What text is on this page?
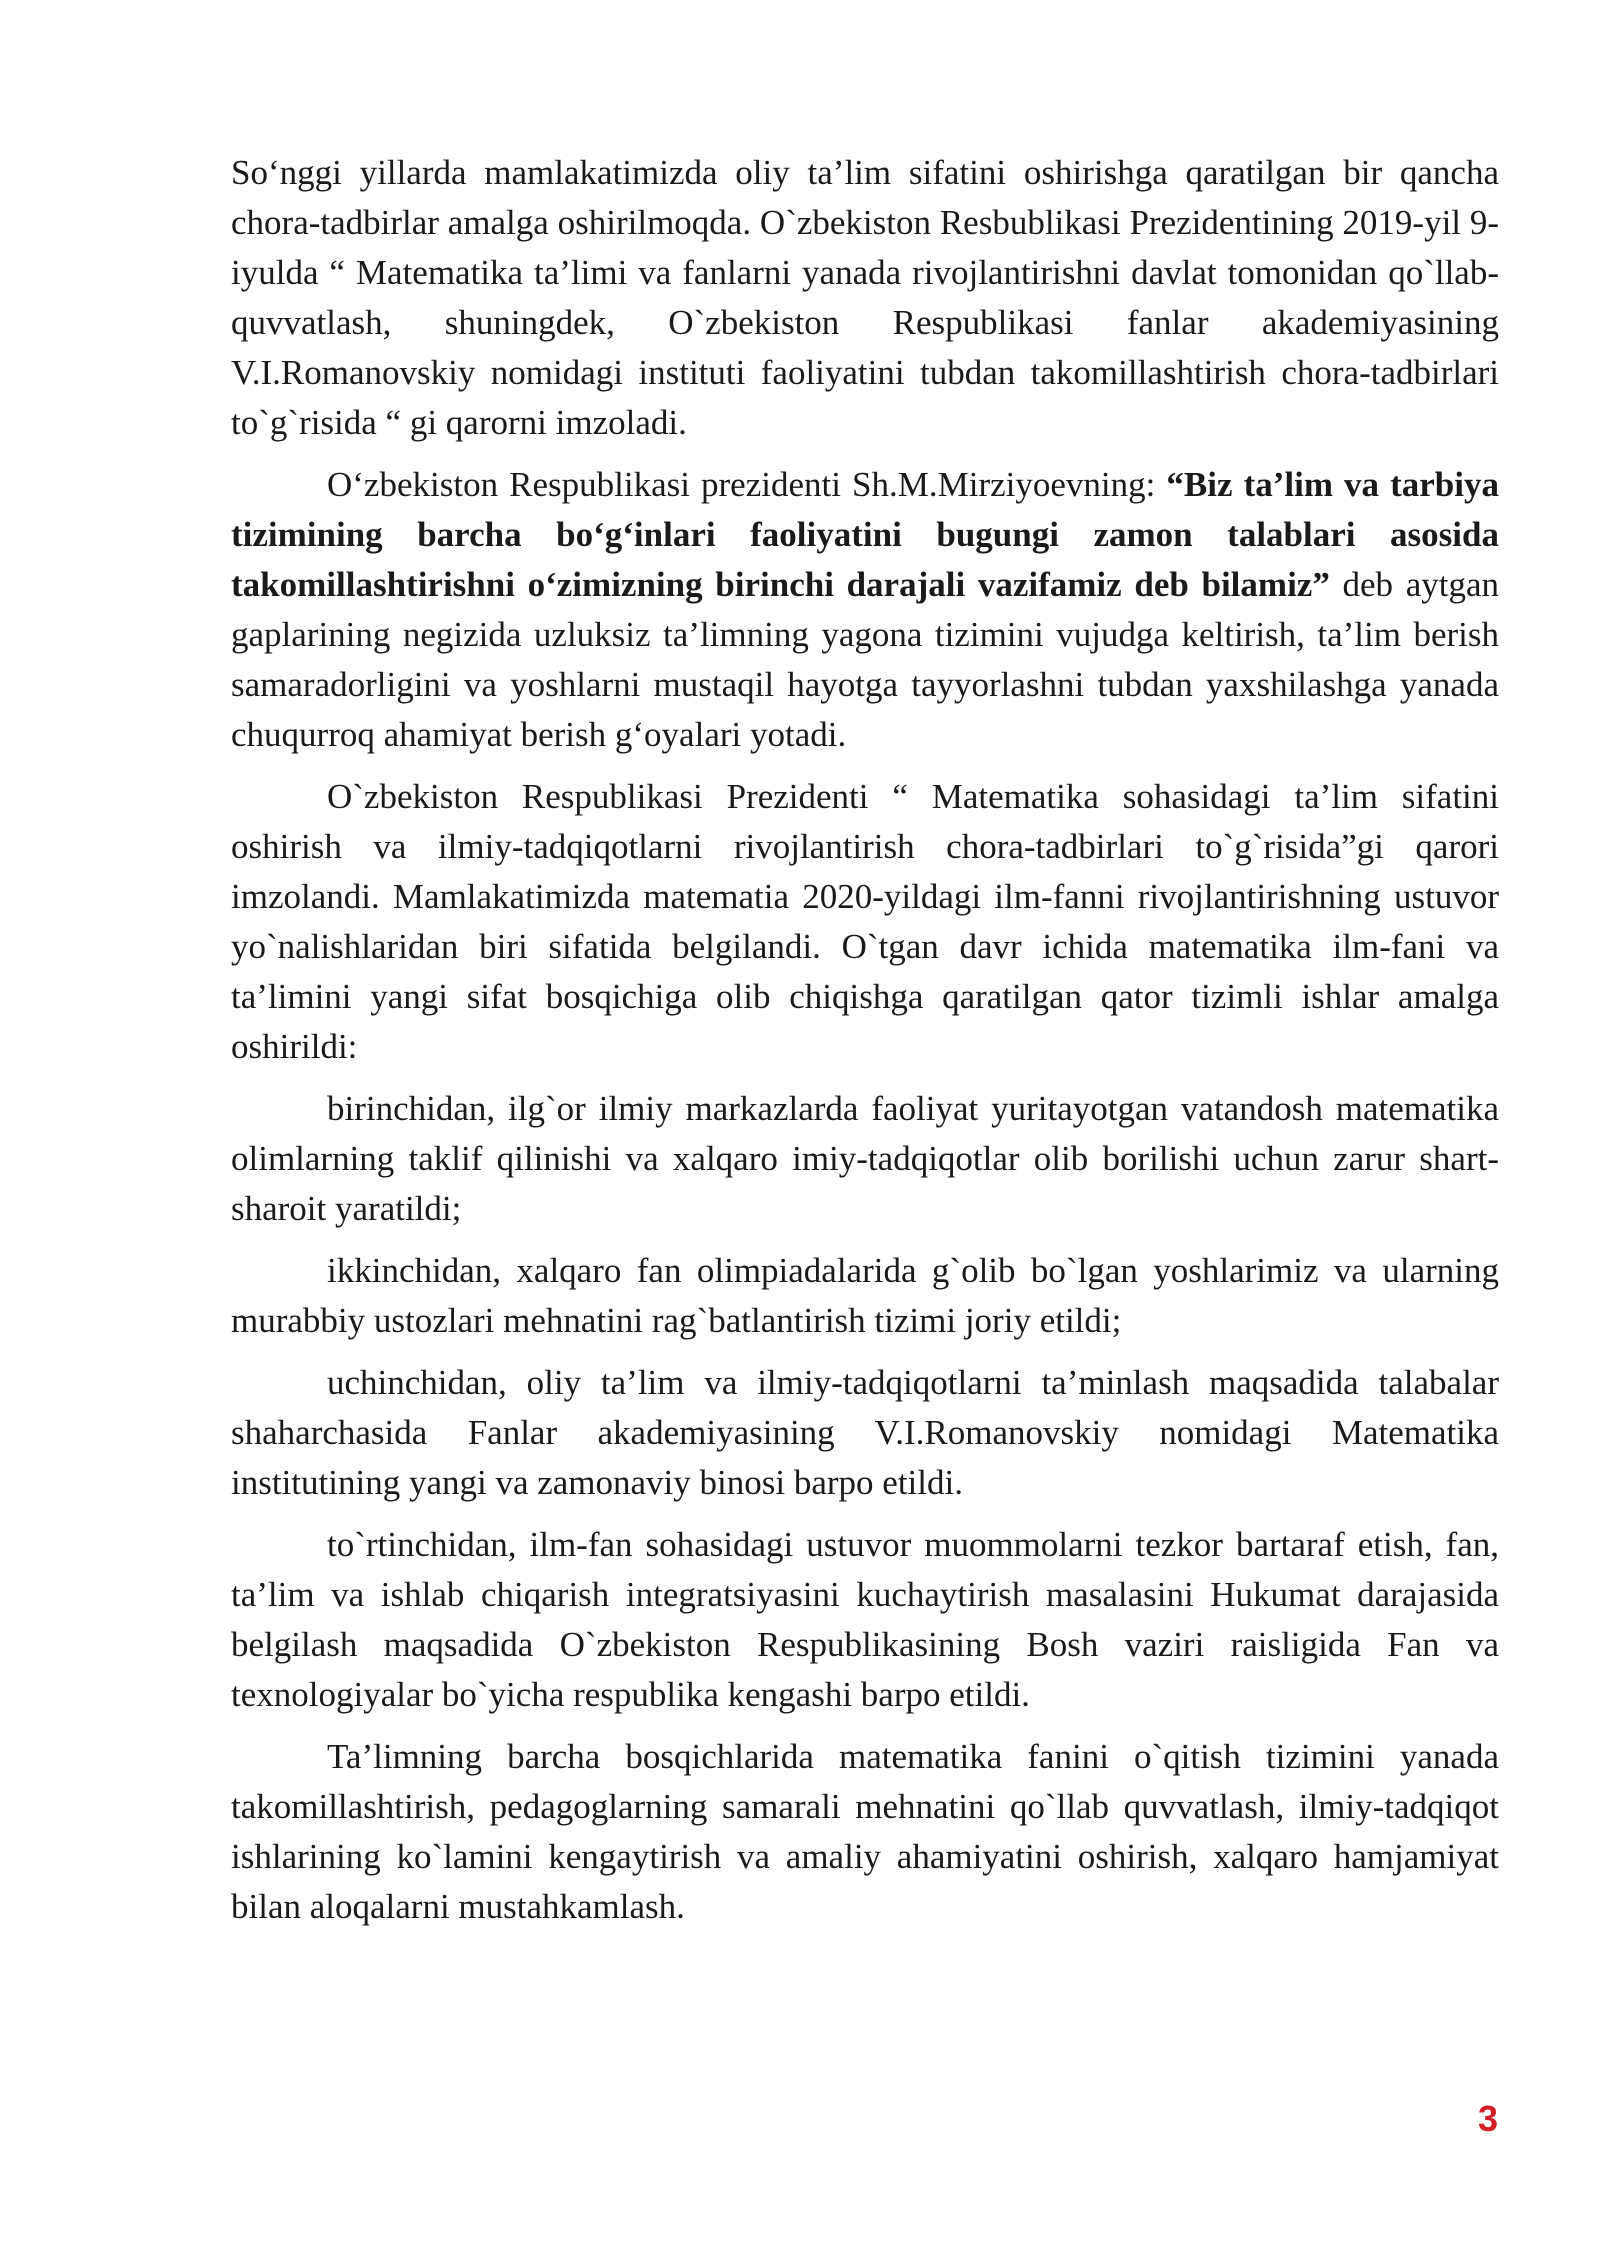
So‘nggi yillarda mamlakatimizda oliy ta’lim sifatini oshirishga qaratilgan bir qancha chora-tadbirlar amalga oshirilmoqda. O`zbekiston Resbublikasi Prezidentining 2019-yil 9-iyulda “ Matematika ta’limi va fanlarni yanada rivojlantirishni davlat tomonidan qo`llab-quvvatlash, shuningdek, O`zbekiston Respublikasi fanlar akademiyasining V.I.Romanovskiy nomidagi instituti faoliyatini tubdan takomillashtirish chora-tadbirlari to`g`risida “ gi qarorni imzoladi.

O‘zbekiston Respublikasi prezidenti Sh.M.Mirziyoevning: “Biz ta’lim va tarbiya tizimining barcha bo‘g‘inlari faoliyatini bugungi zamon talablari asosida takomillashtirishni o‘zimizning birinchi darajali vazifamiz deb bilamiz” deb aytgan gaplarining negizida uzluksiz ta’limning yagona tizimini vujudga keltirish, ta’lim berish samaradorligini va yoshlarni mustaqil hayotga tayyorlashni tubdan yaxshilashga yanada chuqurroq ahamiyat berish g‘oyalari yotadi.

O`zbekiston Respublikasi Prezidenti “ Matematika sohasidagi ta’lim sifatini oshirish va ilmiy-tadqiqotlarni rivojlantirish chora-tadbirlari to`g`risida”gi qarori imzolandi. Mamlakatimizda matematia 2020-yildagi ilm-fanni rivojlantirishning ustuvor yo`nalishlaridan biri sifatida belgilandi. O`tgan davr ichida matematika ilm-fani va ta’limini yangi sifat bosqichiga olib chiqishga qaratilgan qator tizimli ishlar amalga oshirildi:

birinchidan, ilg`or ilmiy markazlarda faoliyat yuritayotgan vatandosh matematika olimlarning taklif qilinishi va xalqaro imiy-tadqiqotlar olib borilishi uchun zarur shart-sharoit yaratildi;

ikkinchidan, xalqaro fan olimpiadalarida g`olib bo`lgan yoshlarimiz va ularning murabbiy ustozlari mehnatini rag`batlantirish tizimi joriy etildi;

uchinchidan, oliy ta’lim va ilmiy-tadqiqotlarni ta’minlash maqsadida talabalar shaharchasida Fanlar akademiyasining V.I.Romanovskiy nomidagi Matematika institutining yangi va zamonaviy binosi barpo etildi.

to`rtinchidan, ilm-fan sohasidagi ustuvor muommolarni tezkor bartaraf etish, fan, ta’lim va ishlab chiqarish integratsiyasini kuchaytirish masalasini Hukumat darajasida belgilash maqsadida O`zbekiston Respublikasining Bosh vaziri raisligida Fan va texnologiyalar bo`yicha respublika kengashi barpo etildi.

Ta’limning barcha bosqichlarida matematika fanini o`qitish tizimini yanada takomillashtirish, pedagoglarning samarali mehnatini qo`llab quvvatlash, ilmiy-tadqiqot ishlarining ko`lamini kengaytirish va amaliy ahamiyatini oshirish, xalqaro hamjamiyat bilan aloqalarni mustahkamlash.

3
